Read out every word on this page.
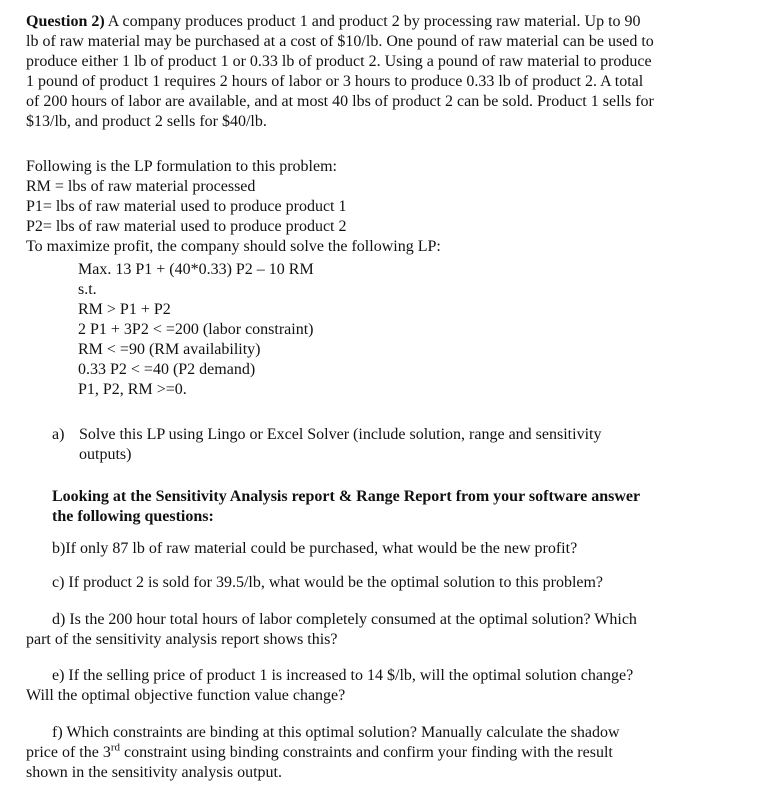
Question 2) A company produces product 1 and product 2 by processing raw material. Up to 90
lb of raw material may be purchased at a cost of $10/lb. One pound of raw material can be used to
produce either 1 lb of product 1 or 0.33 lb of product 2. Using a pound of raw material to produce
1 pound of product 1 requires 2 hours of labor or 3 hours to produce 0.33 lb of product 2. A total
of 200 hours of labor are available, and at most 40 lbs of product 2 can be sold. Product 1 sells for
$13/lb, and product 2 sells for $40/lb.
Following is the LP formulation to this problem:
RM = lbs of raw material processed
P1= lbs of raw material used to produce product 1
P2= lbs of raw material used to produce product 2
To maximize profit, the company should solve the following LP:
Max. 13 P1 + (40*0.33) P2 – 10 RM
s.t.
RM > P1 + P2
2 P1 + 3P2 < =200 (labor constraint)
RM < =90 (RM availability)
0.33 P2 < =40 (P2 demand)
P1, P2, RM >=0.
a) Solve this LP using Lingo or Excel Solver (include solution, range and sensitivity
outputs)
Looking at the Sensitivity Analysis report & Range Report from your software answer
the following questions:
b)If only 87 lb of raw material could be purchased, what would be the new profit?
c) If product 2 is sold for 39.5/lb, what would be the optimal solution to this problem?
d) Is the 200 hour total hours of labor completely consumed at the optimal solution? Which
part of the sensitivity analysis report shows this?
e) If the selling price of product 1 is increased to 14 $/lb, will the optimal solution change?
Will the optimal objective function value change?
f) Which constraints are binding at this optimal solution? Manually calculate the shadow
price of the 3rd constraint using binding constraints and confirm your finding with the result
shown in the sensitivity analysis output.
